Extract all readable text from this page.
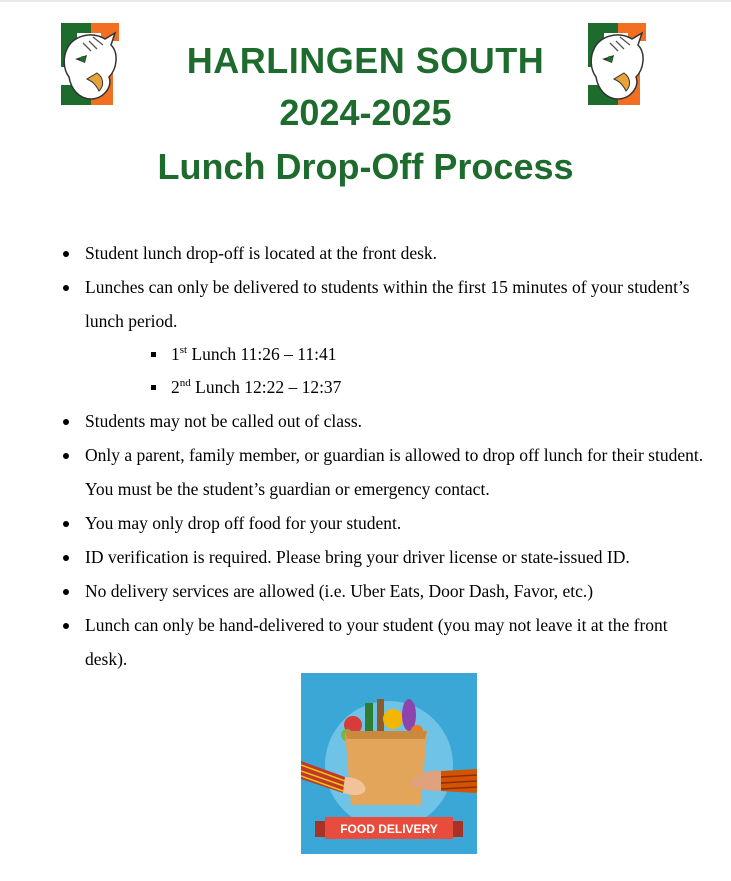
HARLINGEN SOUTH
2024-2025
Lunch Drop-Off Process
Student lunch drop-off is located at the front desk.
Lunches can only be delivered to students within the first 15 minutes of your student’s lunch period.
1st Lunch 11:26 – 11:41
2nd Lunch 12:22 – 12:37
Students may not be called out of class.
Only a parent, family member, or guardian is allowed to drop off lunch for their student. You must be the student’s guardian or emergency contact.
You may only drop off food for your student.
ID verification is required. Please bring your driver license or state-issued ID.
No delivery services are allowed (i.e. Uber Eats, Door Dash, Favor, etc.)
Lunch can only be hand-delivered to your student (you may not leave it at the front desk).
FOOD DELIVERY
